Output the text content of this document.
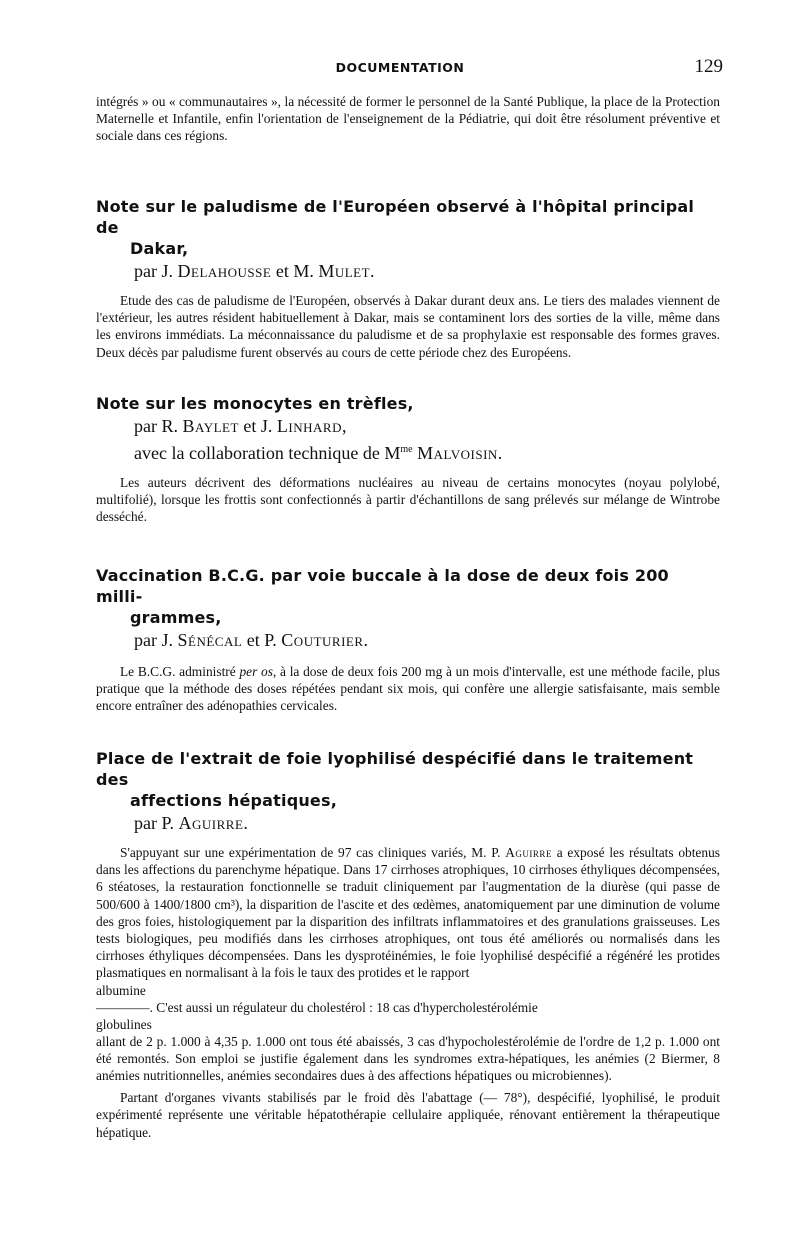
DOCUMENTATION	129

intégrés » ou « communautaires », la nécessité de former le personnel de la Santé Publique, la place de la Protection Maternelle et Infantile, enfin l'orientation de l'enseignement de la Pédiatrie, qui doit être résolument préventive et sociale dans ces régions.

Note sur le paludisme de l'Européen observé à l'hôpital principal de
Dakar,
par J. Delahousse et M. Mulet.

Etude des cas de paludisme de l'Européen, observés à Dakar durant deux ans. Le tiers des malades viennent de l'extérieur, les autres résident habituellement à Dakar, mais se contaminent lors des sorties de la ville, même dans les environs immédiats. La méconnaissance du paludisme et de sa prophylaxie est responsable des formes graves. Deux décès par paludisme furent observés au cours de cette période chez des Européens.

Note sur les monocytes en trèfles,
par R. Baylet et J. Linhard,
avec la collaboration technique de $M^{me}$ Malvoisin.

Les auteurs décrivent des déformations nucléaires au niveau de certains monocytes (noyau polylobé, multifolié), lorsque les frottis sont confectionnés à partir d'échantillons de sang prélevés sur mélange de Wintrobe desséché.

Vaccination B.C.G. par voie buccale à la dose de deux fois 200 milli-
grammes,
par J. Sénécal et P. Couturier.

Le B.C.G. administré per os, à la dose de deux fois 200 mg à un mois d'intervalle, est une méthode facile, plus pratique que la méthode des doses répétées pendant six mois, qui confère une allergie satisfaisante, mais semble encore entraîner des adénopathies cervicales.

Place de l'extrait de foie lyophilisé despécifié dans le traitement des
affections hépatiques,
par P. Aguirre.

S'appuyant sur une expérimentation de 97 cas cliniques variés, M. P. Aguirre a exposé les résultats obtenus dans les affections du parenchyme hépatique. Dans 17 cirrhoses atrophiques, 10 cirrhoses éthyliques décompensées, 6 stéatoses, la restauration fonctionnelle se traduit cliniquement par l'augmentation de la diurèse (qui passe de 500/600 à 1400/1800 cm³), la disparition de l'ascite et des œdèmes, anatomiquement par une diminution de volume des gros foies, histologiquement par la disparition des infiltrats inflammatoires et des granulations graisseuses. Les tests biologiques, peu modifiés dans les cirrhoses atrophiques, ont tous été améliorés ou normalisés dans les cirrhoses éthyliques décompensées. Dans les dysprotéinémies, le foie lyophilisé despécifié a régénéré les protides plasmatiques en normalisant à la fois le taux des protides et le rapport

albumine
————. C'est aussi un régulateur du cholestérol : 18 cas d'hypercholestérolémie
globulines

allant de 2 p. 1.000 à 4,35 p. 1.000 ont tous été abaissés, 3 cas d'hypocholestérolémie de l'ordre de 1,2 p. 1.000 ont été remontés. Son emploi se justifie également dans les syndromes extra-hépatiques, les anémies (2 Biermer, 8 anémies nutritionnelles, anémies secondaires dues à des affections hépatiques ou microbiennes).

Partant d'organes vivants stabilisés par le froid dès l'abattage (— 78°), despécifié, lyophilisé, le produit expérimenté représente une véritable hépatothérapie cellulaire appliquée, rénovant entièrement la thérapeutique hépatique.
